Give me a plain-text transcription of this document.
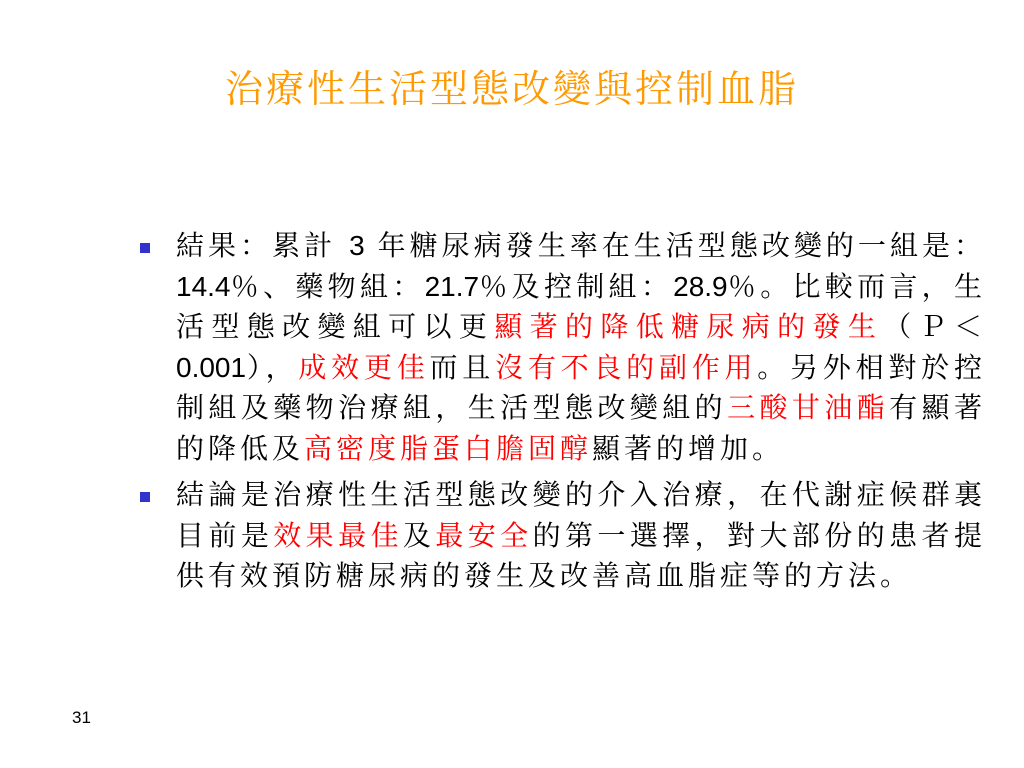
治療性生活型態改變與控制血脂
結果：累計 3 年糖尿病發生率在生活型態改變的一組是：14.4％、藥物組：21.7％及控制組：28.9％。比較而言，生活型態改變組可以更顯著的降低糖尿病的發生（Ｐ＜0.001），成效更佳而且沒有不良的副作用。另外相對於控制組及藥物治療組，生活型態改變組的三酸甘油酯有顯著的降低及高密度脂蛋白膽固醇顯著的增加。
結論是治療性生活型態改變的介入治療，在代謝症候群裏目前是效果最佳及最安全的第一選擇，對大部份的患者提供有效預防糖尿病的發生及改善高血脂症等的方法。
31
